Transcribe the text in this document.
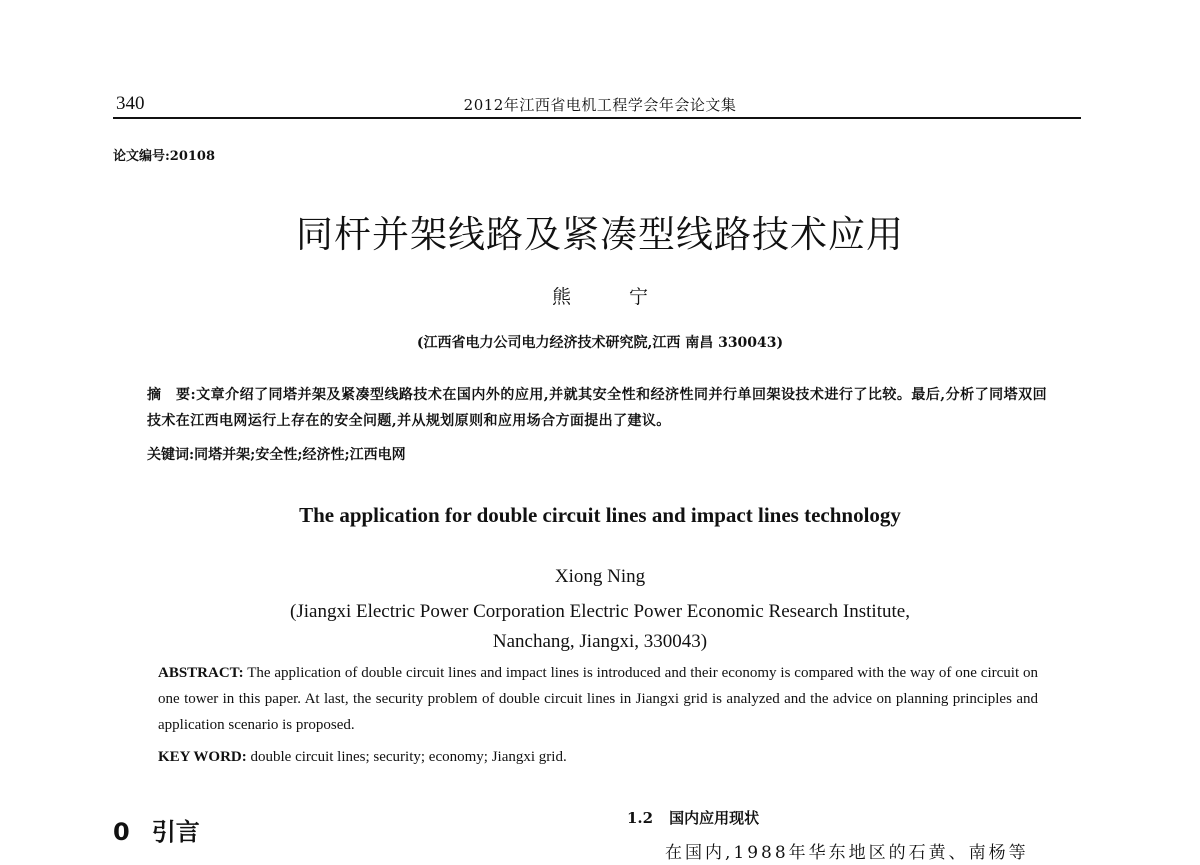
340	2012年江西省电机工程学会年会论文集
论文编号:20108
同杆并架线路及紧凑型线路技术应用
熊 宁
(江西省电力公司电力经济技术研究院,江西 南昌 330043)
摘　要:文章介绍了同塔并架及紧凑型线路技术在国内外的应用,并就其安全性和经济性同并行单回架设技术进行了比较。最后,分析了同塔双回技术在江西电网运行上存在的安全问题,并从规划原则和应用场合方面提出了建议。
关键词:同塔并架;安全性;经济性;江西电网
The application for double circuit lines and impact lines technology
Xiong Ning
(Jiangxi Electric Power Corporation Electric Power Economic Research Institute,
Nanchang, Jiangxi, 330043)
ABSTRACT: The application of double circuit lines and impact lines is introduced and their economy is compared with the way of one circuit on one tower in this paper. At last, the security problem of double circuit lines in Jiangxi grid is analyzed and the advice on planning principles and application scenario is proposed.
KEY WORD: double circuit lines; security; economy; Jiangxi grid.
0 引言	1.2 国内应用现状
在国内,1988年华东地区的石黄、南杨等
